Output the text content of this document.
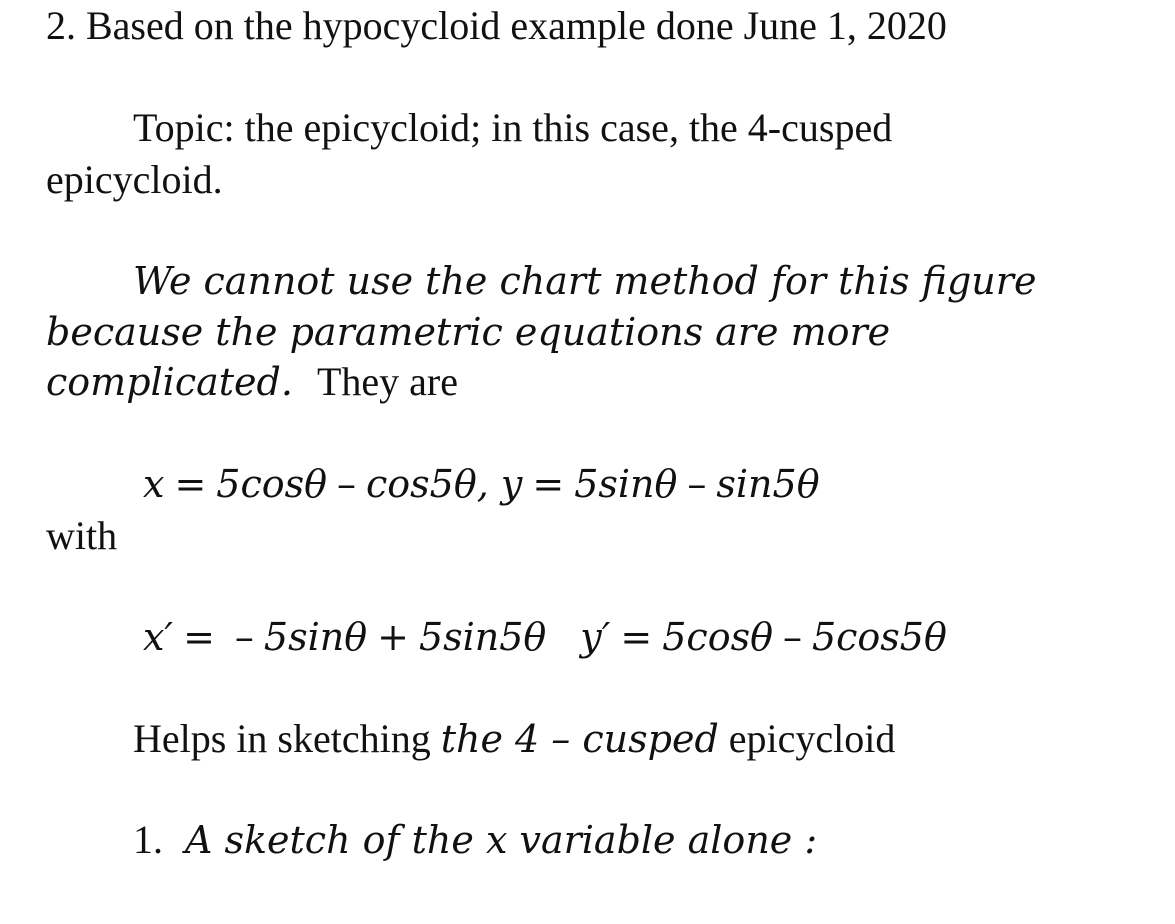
2. Based on the hypocycloid example done June 1, 2020
Topic: the epicycloid; in this case, the 4-cusped
epicycloid.
We cannot use the chart method for this figure
because the parametric equations are more
complicated. They are
x = 5cosθ – cos5θ, y = 5sinθ – sin5θ
with
x′ = – 5sinθ + 5sin5θ y′ = 5cosθ – 5cos5θ
Helps in sketching the 4 – cusped epicycloid
1. A sketch of the x variable alone :
